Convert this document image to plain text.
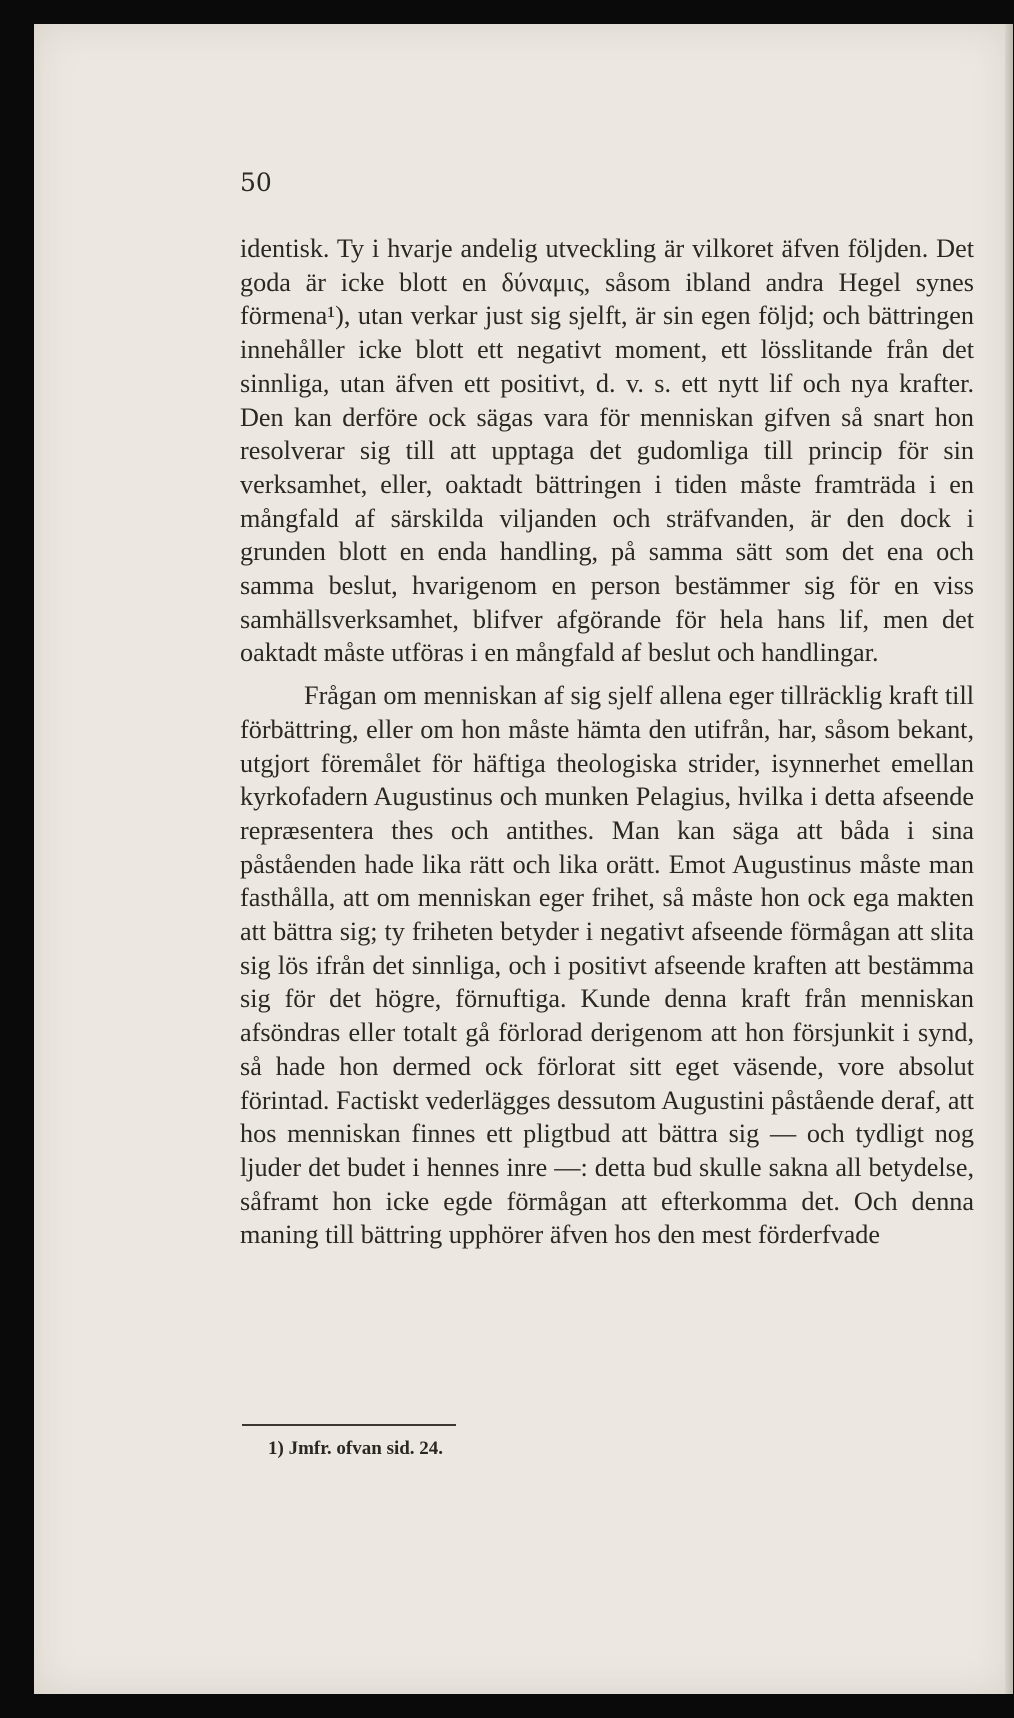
50

identisk. Ty i hvarje andelig utveckling är vilkoret äfven följden. Det goda är icke blott en δύναμις, såsom ibland andra Hegel synes förmena¹), utan verkar just sig sjelft, är sin egen följd; och bättringen innehåller icke blott ett negativt moment, ett lösslitande från det sinnliga, utan äfven ett positivt, d. v. s. ett nytt lif och nya krafter. Den kan derföre ock sägas vara för menniskan gifven så snart hon resolverar sig till att upptaga det gudomliga till princip för sin verksamhet, eller, oaktadt bättringen i tiden måste framträda i en mångfald af särskilda viljanden och sträfvanden, är den dock i grunden blott en enda handling, på samma sätt som det ena och samma beslut, hvarigenom en person bestämmer sig för en viss samhällsverksamhet, blifver afgörande för hela hans lif, men det oaktadt måste utföras i en mångfald af beslut och handlingar.

Frågan om menniskan af sig sjelf allena eger tillräcklig kraft till förbättring, eller om hon måste hämta den utifrån, har, såsom bekant, utgjort föremålet för häftiga theologiska strider, isynnerhet emellan kyrkofadern Augustinus och munken Pelagius, hvilka i detta afseende repræsentera thes och antithes. Man kan säga att båda i sina påståenden hade lika rätt och lika orätt. Emot Augustinus måste man fasthålla, att om menniskan eger frihet, så måste hon ock ega makten att bättra sig; ty friheten betyder i negativt afseende förmågan att slita sig lös ifrån det sinnliga, och i positivt afseende kraften att bestämma sig för det högre, förnuftiga. Kunde denna kraft från menniskan afsöndras eller totalt gå förlorad derigenom att hon försjunkit i synd, så hade hon dermed ock förlorat sitt eget väsende, vore absolut förintad. Factiskt vederlägges dessutom Augustini påstående deraf, att hos menniskan finnes ett pligtbud att bättra sig — och tydligt nog ljuder det budet i hennes inre —: detta bud skulle sakna all betydelse, såframt hon icke egde förmågan att efterkomma det. Och denna maning till bättring upphörer äfven hos den mest förderfvade

1) Jmfr. ofvan sid. 24.
